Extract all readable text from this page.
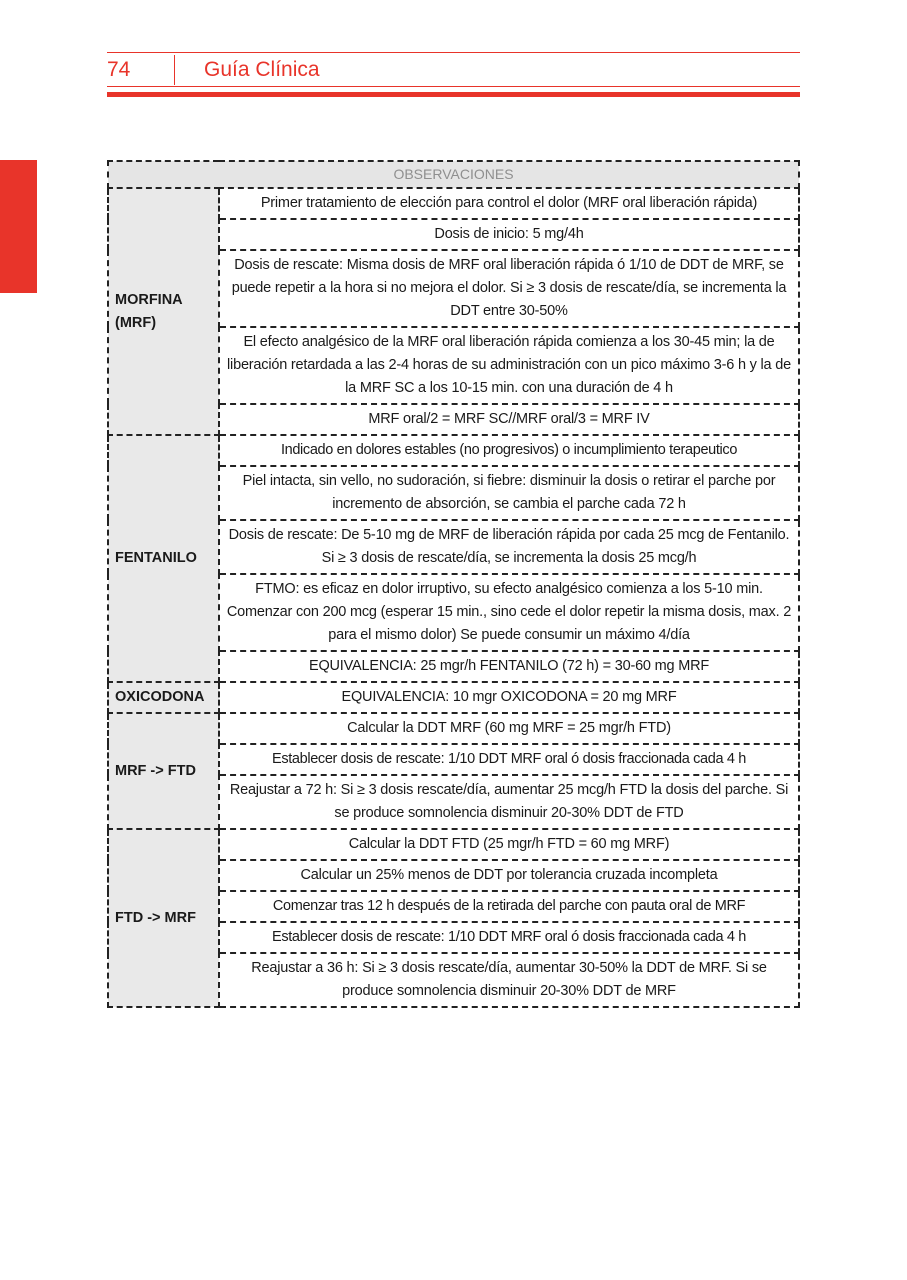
74	Guía Clínica
OBSERVACIONES	
MORFINA (MRF)	Primer tratamiento de elección para control el dolor (MRF oral liberación rápida)
	Dosis de inicio: 5 mg/4h
	Dosis de rescate: Misma dosis de MRF oral liberación rápida ó 1/10 de DDT de MRF, se puede repetir a la hora si no mejora el dolor. Si ≥ 3 dosis de rescate/día, se incrementa la DDT entre 30-50%
	El efecto analgésico de la MRF oral liberación rápida comienza a los 30-45 min; la de liberación retardada a las 2-4 horas de su administración con un pico máximo 3-6 h y la de la MRF SC a los 10-15 min. con una duración de 4 h
	MRF oral/2 = MRF SC//MRF oral/3 = MRF IV
FENTANILO	Indicado en dolores estables (no progresivos) o incumplimiento terapeutico
	Piel intacta, sin vello, no sudoración, si fiebre: disminuir la dosis o retirar el parche por incremento de absorción, se cambia el parche cada 72 h
	Dosis de rescate: De 5-10 mg de MRF de liberación rápida por cada 25 mcg de Fentanilo. Si ≥ 3 dosis de rescate/día, se incrementa la dosis 25 mcg/h
	FTMO: es eficaz en dolor irruptivo, su efecto analgésico comienza a los 5-10 min. Comenzar con 200 mcg (esperar 15 min., sino cede el dolor repetir la misma dosis, max. 2 para el mismo dolor) Se puede consumir un máximo 4/día
	EQUIVALENCIA: 25 mgr/h FENTANILO (72 h) = 30-60 mg MRF
OXICODONA	EQUIVALENCIA: 10 mgr OXICODONA = 20 mg MRF
MRF -> FTD	Calcular la DDT MRF (60 mg MRF = 25 mgr/h FTD)
	Establecer dosis de rescate: 1/10 DDT MRF oral ó dosis fraccionada cada 4 h
	Reajustar a 72 h: Si ≥ 3 dosis rescate/día, aumentar 25 mcg/h FTD la dosis del parche. Si se produce somnolencia disminuir 20-30% DDT de FTD
FTD -> MRF	Calcular la DDT FTD (25 mgr/h FTD = 60 mg MRF)
	Calcular un 25% menos de DDT por tolerancia cruzada incompleta
	Comenzar tras 12 h después de la retirada del parche con pauta oral de MRF
	Establecer dosis de rescate: 1/10 DDT MRF oral ó dosis fraccionada cada 4 h
	Reajustar a 36 h: Si ≥ 3 dosis rescate/día, aumentar 30-50% la DDT de MRF. Si se produce somnolencia disminuir 20-30% DDT de MRF
